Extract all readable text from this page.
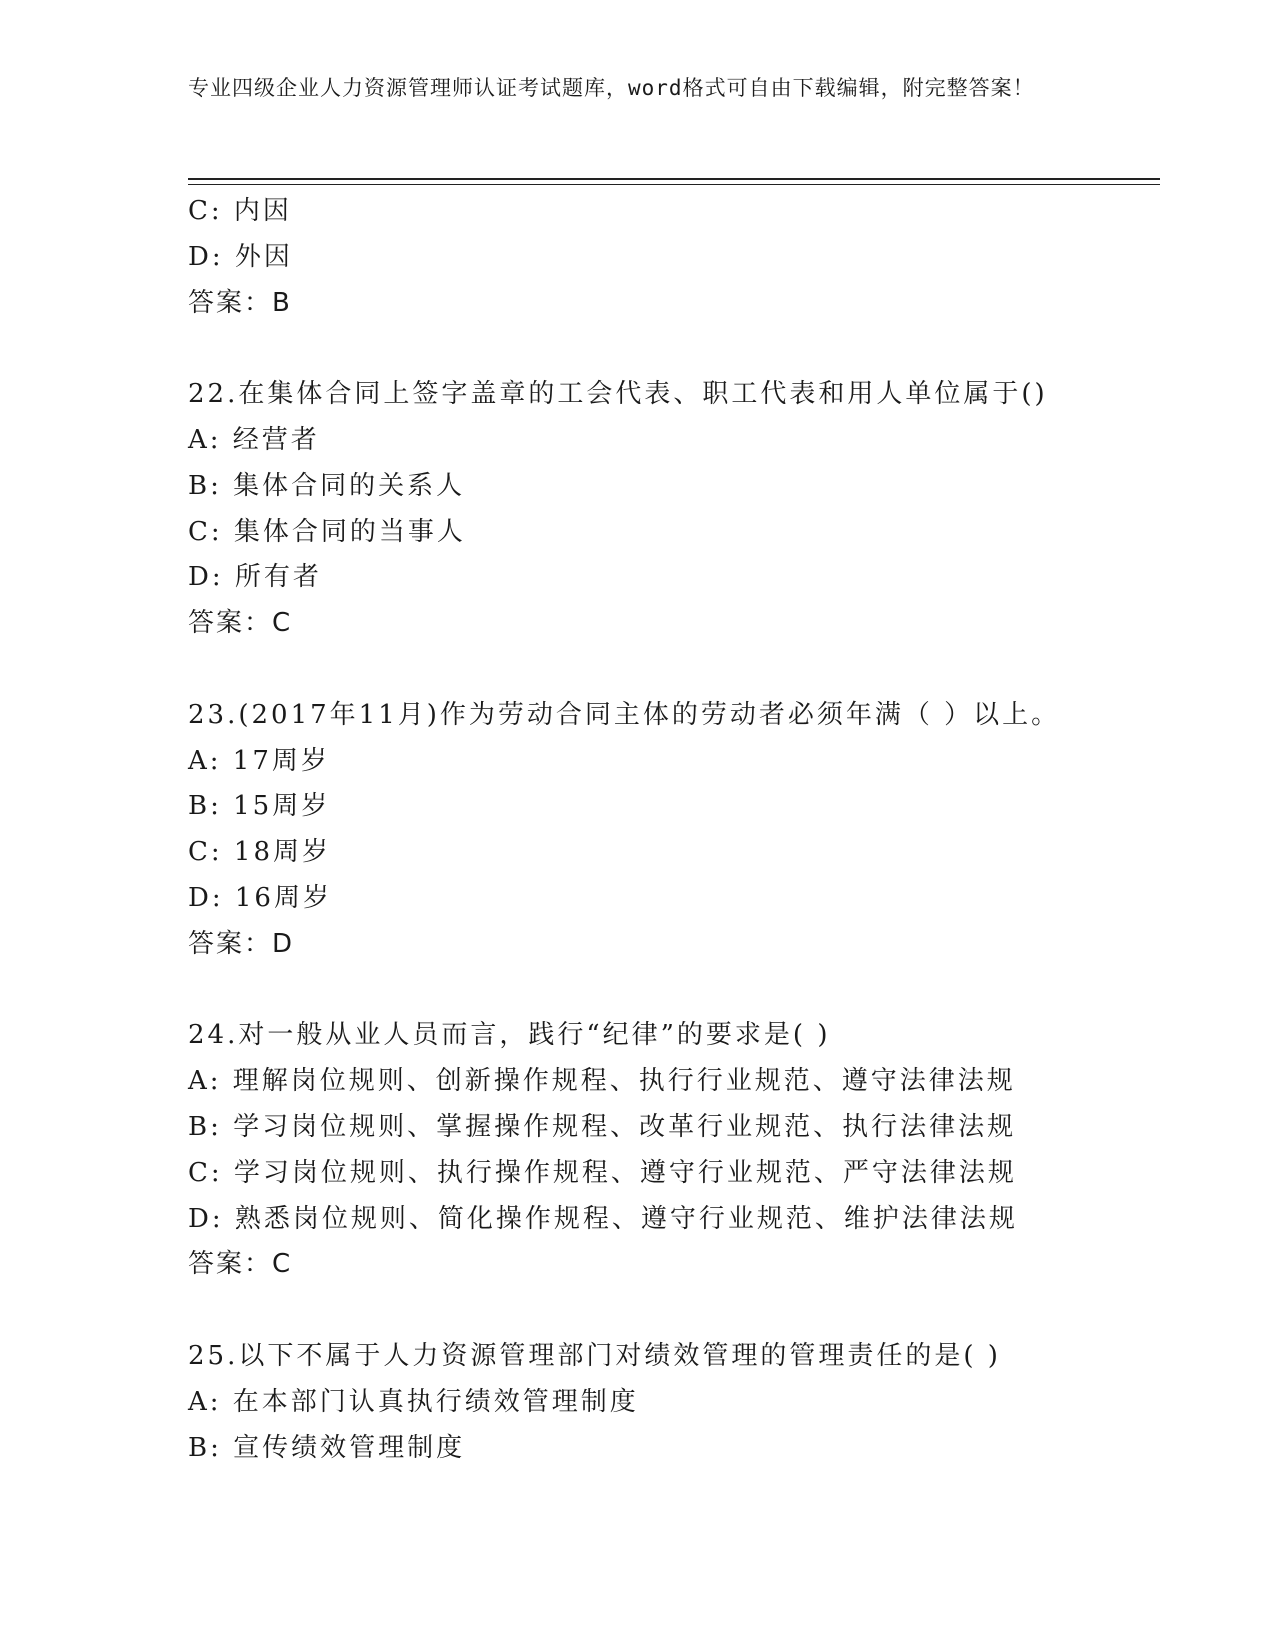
专业四级企业人力资源管理师认证考试题库，word格式可自由下载编辑，附完整答案！
C: 内因
D: 外因
答案：B
22.在集体合同上签字盖章的工会代表、职工代表和用人单位属于()
A: 经营者
B: 集体合同的关系人
C: 集体合同的当事人
D: 所有者
答案：C
23.(2017年11月)作为劳动合同主体的劳动者必须年满（ ）以上。
A: 17周岁
B: 15周岁
C: 18周岁
D: 16周岁
答案：D
24.对一般从业人员而言，践行“纪律”的要求是( )
A: 理解岗位规则、创新操作规程、执行行业规范、遵守法律法规
B: 学习岗位规则、掌握操作规程、改革行业规范、执行法律法规
C: 学习岗位规则、执行操作规程、遵守行业规范、严守法律法规
D: 熟悉岗位规则、简化操作规程、遵守行业规范、维护法律法规
答案：C
25.以下不属于人力资源管理部门对绩效管理的管理责任的是( )
A: 在本部门认真执行绩效管理制度
B: 宣传绩效管理制度
